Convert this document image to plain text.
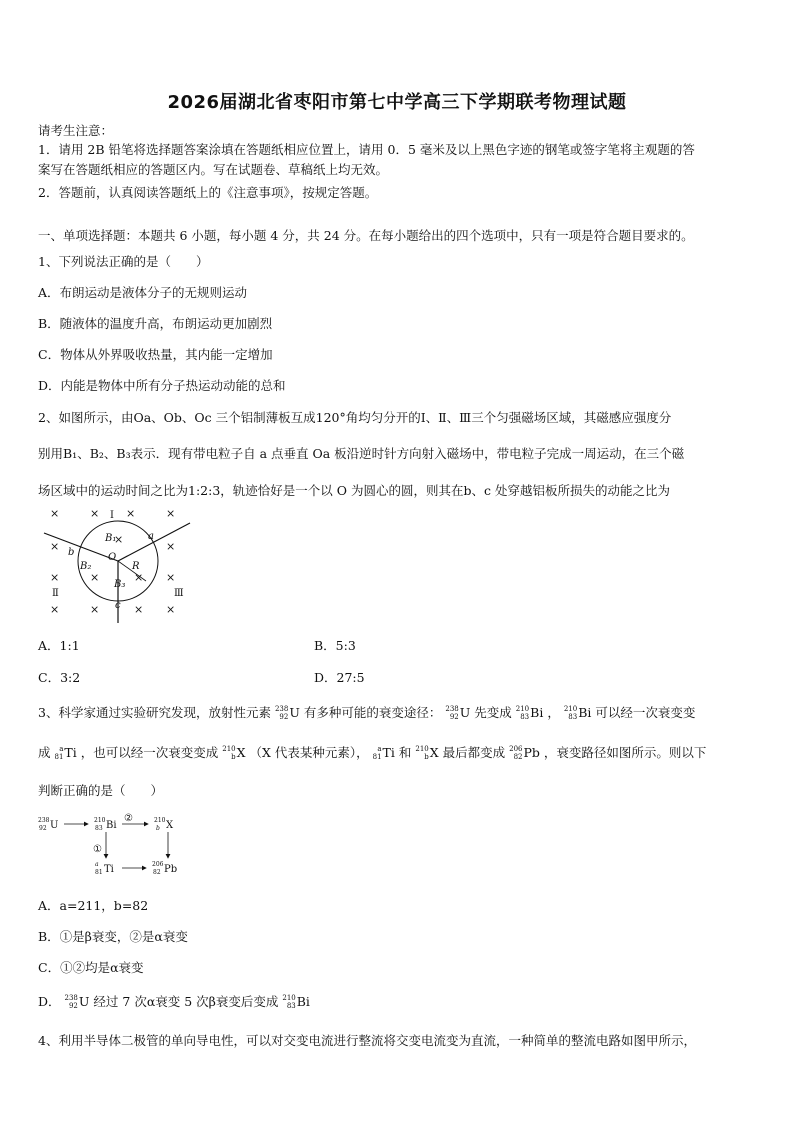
2026届湖北省枣阳市第七中学高三下学期联考物理试题
请考生注意：
1．请用 2B 铅笔将选择题答案涂填在答题纸相应位置上，请用 0．5 毫米及以上黑色字迹的钢笔或签字笔将主观题的答
案写在答题纸相应的答题区内。写在试题卷、草稿纸上均无效。
2．答题前，认真阅读答题纸上的《注意事项》，按规定答题。
一、单项选择题：本题共 6 小题，每小题 4 分，共 24 分。在每小题给出的四个选项中，只有一项是符合题目要求的。
1、下列说法正确的是（　　）
A．布朗运动是液体分子的无规则运动
B．随液体的温度升高，布朗运动更加剧烈
C．物体从外界吸收热量，其内能一定增加
D．内能是物体中所有分子热运动动能的总和
2、如图所示，由Oa、Ob、Oc 三个铝制薄板互成120°角均匀分开的Ⅰ、Ⅱ、Ⅲ三个匀强磁场区域，其磁感应强度分
别用B₁、B₂、B₃表示．现有带电粒子自 a 点垂直 Oa 板沿逆时针方向射入磁场中，带电粒子完成一周运动，在三个磁
场区域中的运动时间之比为1:2:3，轨迹恰好是一个以 O 为圆心的圆，则其在b、c 处穿越铝板所损失的动能之比为
×	× ×	×
×
×
×
×	×	× ×
×	×	× ×
Ⅰ
Ⅱ	Ⅲ
B₁
B₂
B₃
O
R
a
b
c
A．1:1	B．5:3
C．3:2	D．27:5
3、科学家通过实验研究发现，放射性元素 238
92 U 有多种可能的衰变途径： 238
92 U 先变成 210
83 Bi ， 210
83 Bi 可以经一次衰变变
成	a
81 Ti ，也可以经一次衰变变成 210
b X （X 代表某种元素），	a
81 Ti 和 210
b X 最后都变成 206
82 Pb ，衰变路径如图所示。则以下
判断正确的是（　　）
238
92 U	210
83 Bi	210
b X
a
81 Ti	206
82 Pb
②
①
A．a=211，b=82
B．①是β衰变，②是α衰变
C．①②均是α衰变
D． 238
92 U 经过 7 次α衰变 5 次β衰变后变成 210
83 Bi
4、利用半导体二极管的单向导电性，可以对交变电流进行整流将交变电流变为直流，一种简单的整流电路如图甲所示，
